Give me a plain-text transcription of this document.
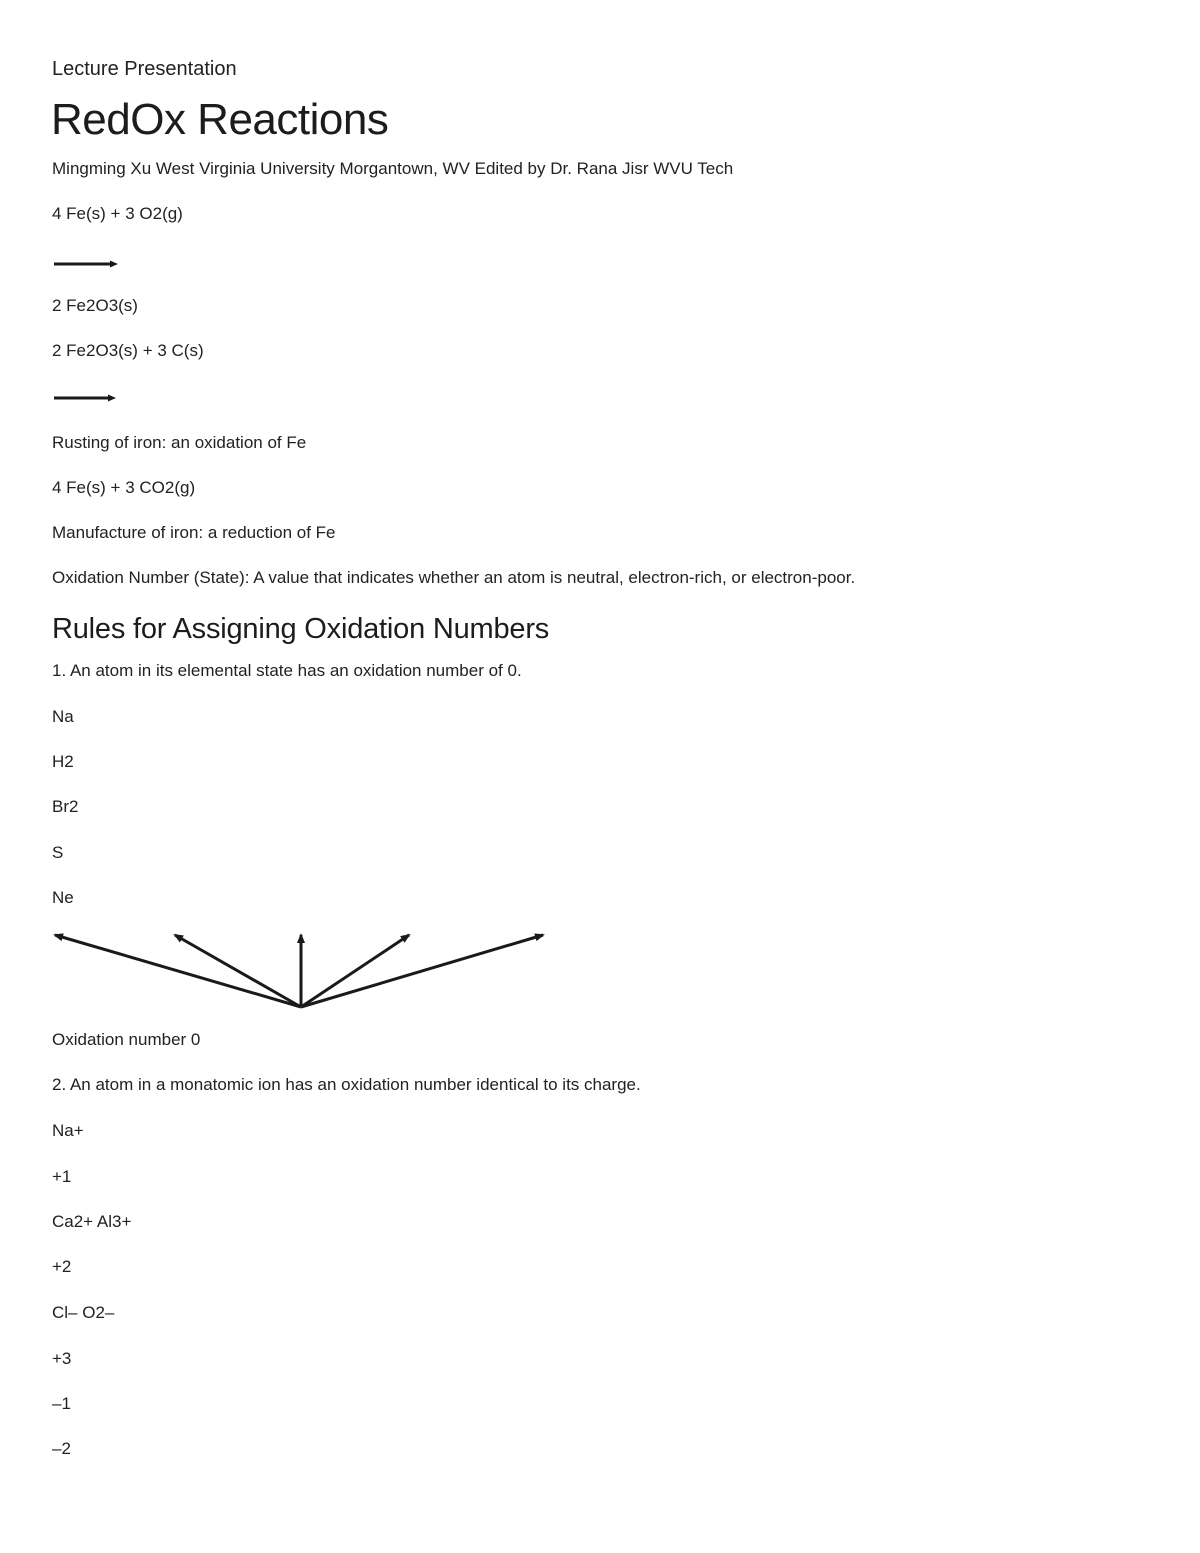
Lecture Presentation
RedOx Reactions
Mingming Xu West Virginia University Morgantown, WV Edited by Dr. Rana Jisr WVU Tech
4 Fe(s) + 3 O2(g)
2 Fe2O3(s)
2 Fe2O3(s) + 3 C(s)
Rusting of iron: an oxidation of Fe
4 Fe(s) + 3 CO2(g)
Manufacture of iron: a reduction of Fe
Oxidation Number (State): A value that indicates whether an atom is neutral, electron-rich, or electron-poor.
Rules for Assigning Oxidation Numbers
1. An atom in its elemental state has an oxidation number of 0.
Na
H2
Br2
S
Ne
Oxidation number 0
2. An atom in a monatomic ion has an oxidation number identical to its charge.
Na+
+1
Ca2+ Al3+
+2
Cl– O2–
+3
–1
–2
